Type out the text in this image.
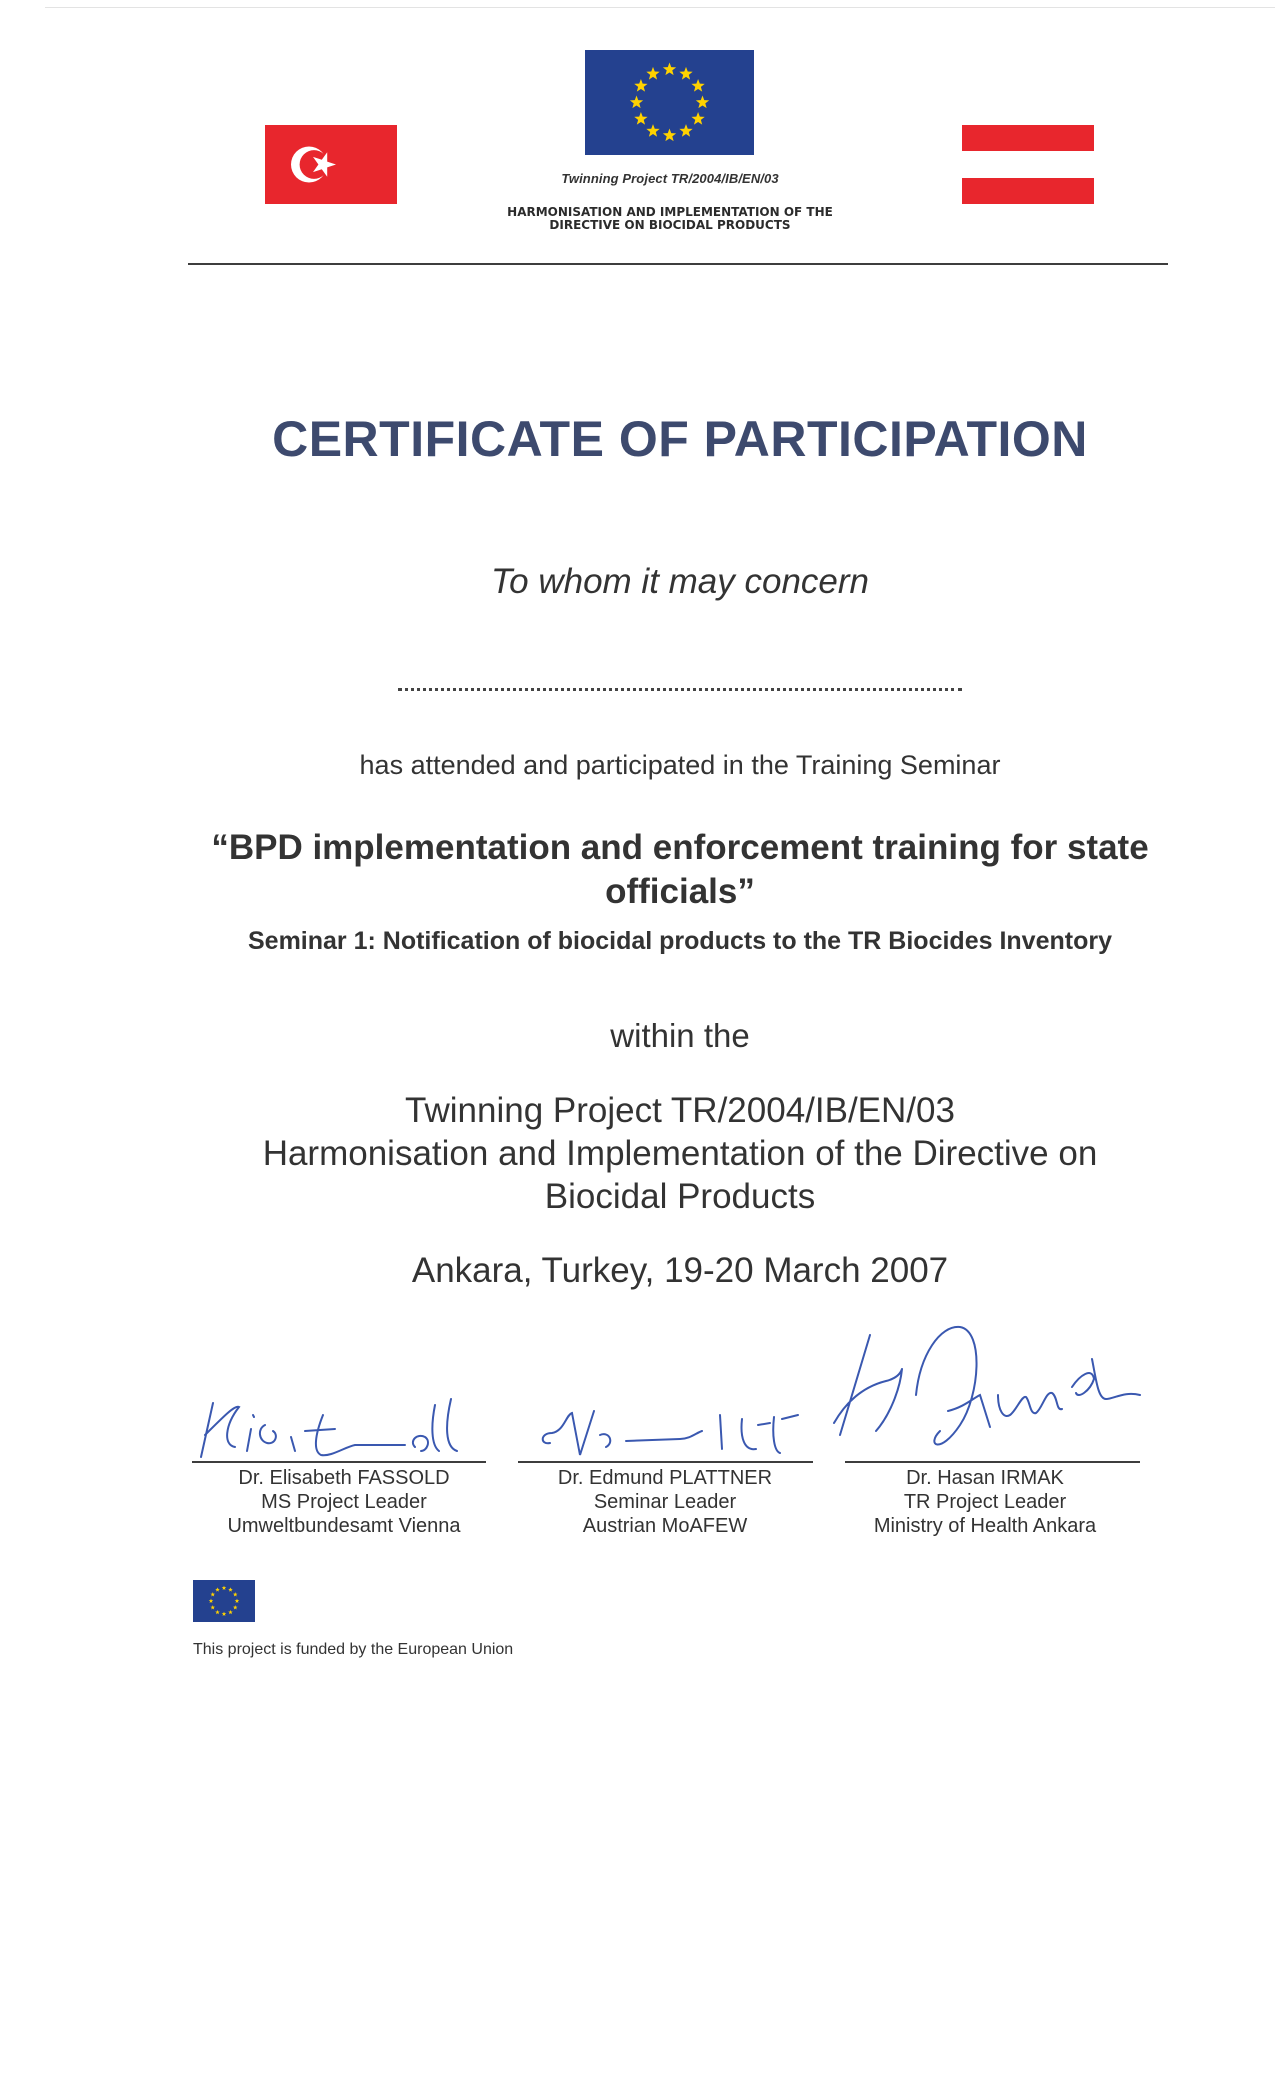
Twinning Project TR/2004/IB/EN/03
HARMONISATION AND IMPLEMENTATION OF THE
DIRECTIVE ON BIOCIDAL PRODUCTS
CERTIFICATE OF PARTICIPATION
To whom it may concern
has attended and participated in the Training Seminar
“BPD implementation and enforcement training for state officials”
Seminar 1: Notification of biocidal products to the TR Biocides Inventory
within the
Twinning Project TR/2004/IB/EN/03
Harmonisation and Implementation of the Directive on
Biocidal Products
Ankara, Turkey, 19-20 March 2007
Dr. Elisabeth FASSOLD
MS Project Leader
Umweltbundesamt Vienna
Dr. Edmund PLATTNER
Seminar Leader
Austrian MoAFEW
Dr. Hasan IRMAK
TR Project Leader
Ministry of Health Ankara
This project is funded by the European Union
